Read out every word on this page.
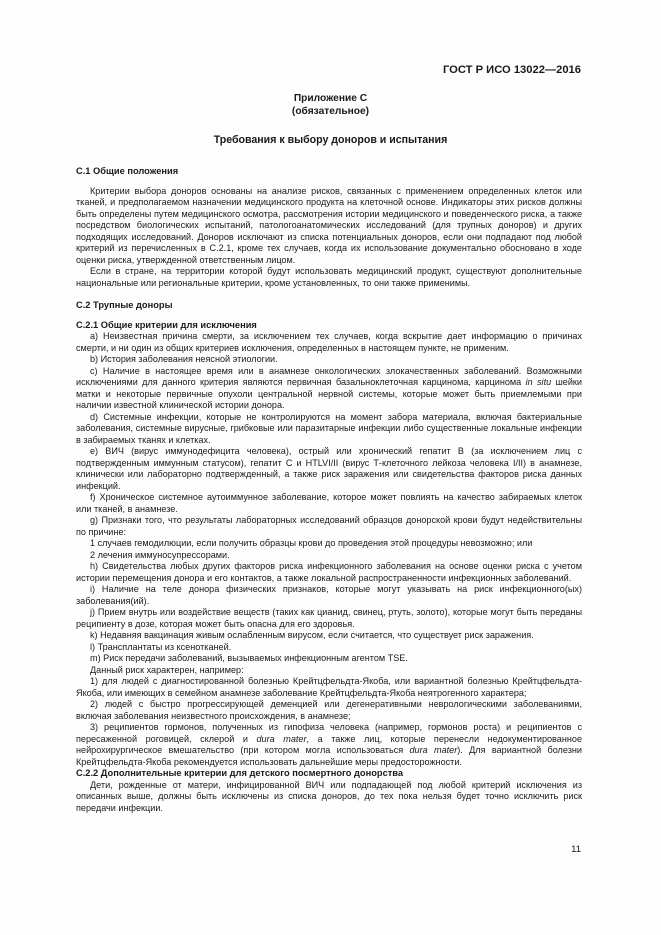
ГОСТ Р ИСО 13022—2016
Приложение С
(обязательное)
Требования к выбору доноров и испытания
С.1 Общие положения

Критерии выбора доноров основаны на анализе рисков, связанных с применением определенных клеток или тканей, и предполагаемом назначении медицинского продукта на клеточной основе. Индикаторы этих рисков должны быть определены путем медицинского осмотра, рассмотрения истории медицинского и поведенческого риска, а также посредством биологических испытаний, патологоанатомических исследований (для трупных доноров) и других подходящих исследований. Доноров исключают из списка потенциальных доноров, если они подпадают под любой критерий из перечисленных в С.2.1, кроме тех случаев, когда их использование документально обосновано в ходе оценки риска, утвержденной ответственным лицом.

Если в стране, на территории которой будут использовать медицинский продукт, существуют дополнительные национальные или региональные критерии, кроме установленных, то они также применимы.

С.2 Трупные доноры
С.2.1 Общие критерии для исключения

а) Неизвестная причина смерти, за исключением тех случаев, когда вскрытие дает информацию о причинах смерти, и ни один из общих критериев исключения, определенных в настоящем пункте, не применим.

b) История заболевания неясной этиологии.

с) Наличие в настоящее время или в анамнезе онкологических злокачественных заболеваний. Возможными исключениями для данного критерия являются первичная базальноклеточная карцинома, карцинома in situ шейки матки и некоторые первичные опухоли центральной нервной системы, которые может быть приемлемыми при наличии известной клинической истории донора.

d) Системные инфекции, которые не контролируются на момент забора материала, включая бактериальные заболевания, системные вирусные, грибковые или паразитарные инфекции либо существенные локальные инфекции в забираемых тканях и клетках.

е) ВИЧ (вирус иммунодефицита человека), острый или хронический гепатит В (за исключением лиц с подтвержденным иммунным статусом), гепатит С и HTLVI/II (вирус Т-клеточного лейкоза человека I/II) в анамнезе, клинически или лабораторно подтвержденный, а также риск заражения или свидетельства факторов риска данных инфекций.

f) Хроническое системное аутоиммунное заболевание, которое может повлиять на качество забираемых клеток или тканей, в анамнезе.

g) Признаки того, что результаты лабораторных исследований образцов донорской крови будут недействительны по причине:

1 случаев гемодилюции, если получить образцы крови до проведения этой процедуры невозможно; или

2 лечения иммуносупрессорами.

h) Свидетельства любых других факторов риска инфекционного заболевания на основе оценки риска с учетом истории перемещения донора и его контактов, а также локальной распространенности инфекционных заболеваний.

i) Наличие на теле донора физических признаков, которые могут указывать на риск инфекционного(ых) заболевания(ий).

j) Прием внутрь или воздействие веществ (таких как цианид, свинец, ртуть, золото), которые могут быть переданы реципиенту в дозе, которая может быть опасна для его здоровья.

k) Недавняя вакцинация живым ослабленным вирусом, если считается, что существует риск заражения.

l) Трансплантаты из ксенотканей.

m) Риск передачи заболеваний, вызываемых инфекционным агентом TSE.

Данный риск характерен, например:

1) для людей с диагностированной болезнью Крейтцфельдта-Якоба, или вариантной болезнью Крейтцфельдта-Якоба, или имеющих в семейном анамнезе заболевание Крейтцфельдта-Якоба неятрогенного характера;

2) людей с быстро прогрессирующей деменцией или дегенеративными неврологическими заболеваниями, включая заболевания неизвестного происхождения, в анамнезе;

3) реципиентов гормонов, полученных из гипофиза человека (например, гормонов роста) и реципиентов с пересаженной роговицей, склерой и dura mater, а также лиц, которые перенесли недокументированное нейрохирургическое вмешательство (при котором могла использоваться dura mater). Для вариантной болезни Крейтцфельдта-Якоба рекомендуется использовать дальнейшие меры предосторожности.

С.2.2 Дополнительные критерии для детского посмертного донорства

Дети, рожденные от матери, инфицированной ВИЧ или подпадающей под любой критерий исключения из описанных выше, должны быть исключены из списка доноров, до тех пока нельзя будет точно исключить риск передачи инфекции.

11
